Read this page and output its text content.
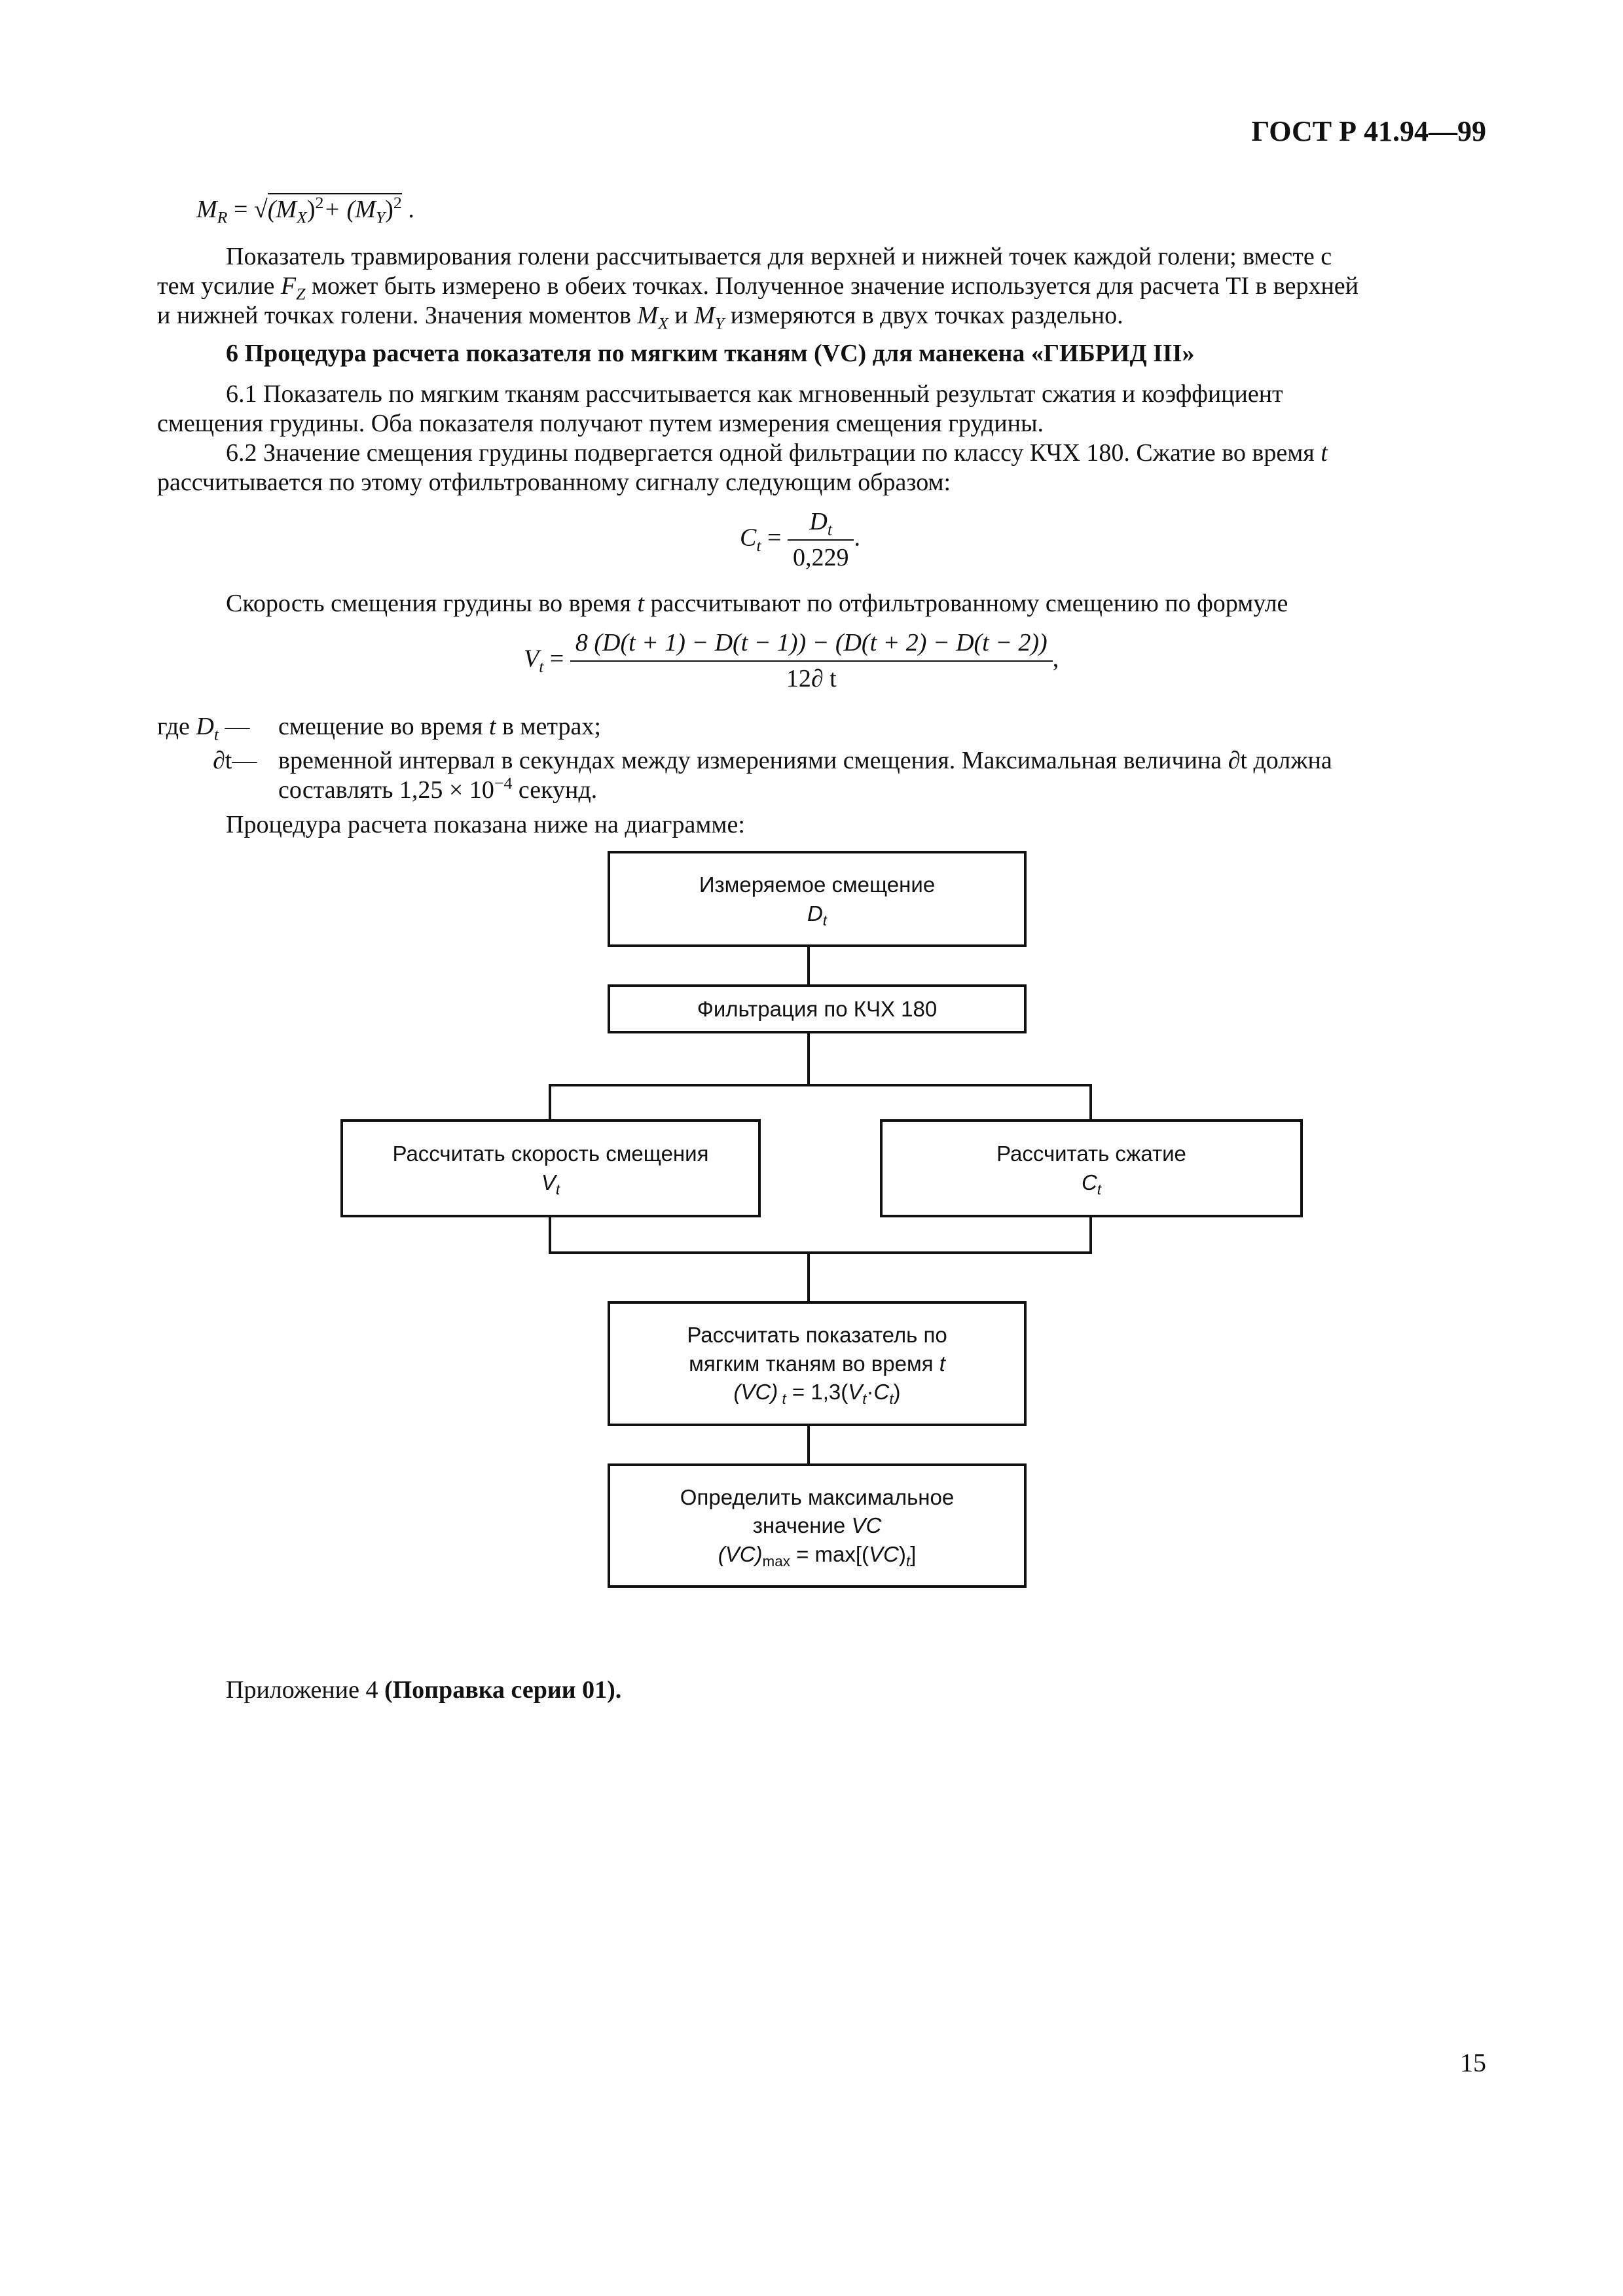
ГОСТ Р 41.94—99
$M_R = √(M_X)^2+ (M_Y)^2$ .
Показатель травмирования голени рассчитывается для верхней и нижней точек каждой голени; вместе с
тем усилие $F_Z$ может быть измерено в обеих точках. Полученное значение используется для расчета TI в верхней
и нижней точках голени. Значения моментов $M_X$ и $M_Y$ измеряются в двух точках раздельно.
6 Процедура расчета показателя по мягким тканям (VC) для манекена «ГИБРИД III»
6.1 Показатель по мягким тканям рассчитывается как мгновенный результат сжатия и коэффициент
смещения грудины. Оба показателя получают путем измерения смещения грудины.
6.2 Значение смещения грудины подвергается одной фильтрации по классу КЧХ 180. Сжатие во время t
рассчитывается по этому отфильтрованному сигналу следующим образом:
$C_t = \frac{D_t}{0,229}$ .
Скорость смещения грудины во время t рассчитывают по отфильтрованному смещению по формуле
$V_t = \frac{8 (D(t + 1) - D(t - 1)) - (D(t + 2) - D(t - 2))}{12\partial t}$ ,
где $D_t$ — смещение во время t в метрах;
∂t— временной интервал в секундах между измерениями смещения. Максимальная величина ∂t должна
составлять $1,25 \times 10^{-4}$ секунд.
Процедура расчета показана ниже на диаграмме:
Измеряемое смещение
$D_t$
Фильтрация по КЧХ 180
Рассчитать скорость смещения
$V_t$
Рассчитать сжатие
$C_t$
Рассчитать показатель по
мягким тканям во время t
(VC) $_t = 1,3(V_t\cdot C_t)$
Определить максимальное
значение VC
$(VC)_{max} = \max[(VC)_t]$
Приложение 4 (Поправка серии 01).
15
